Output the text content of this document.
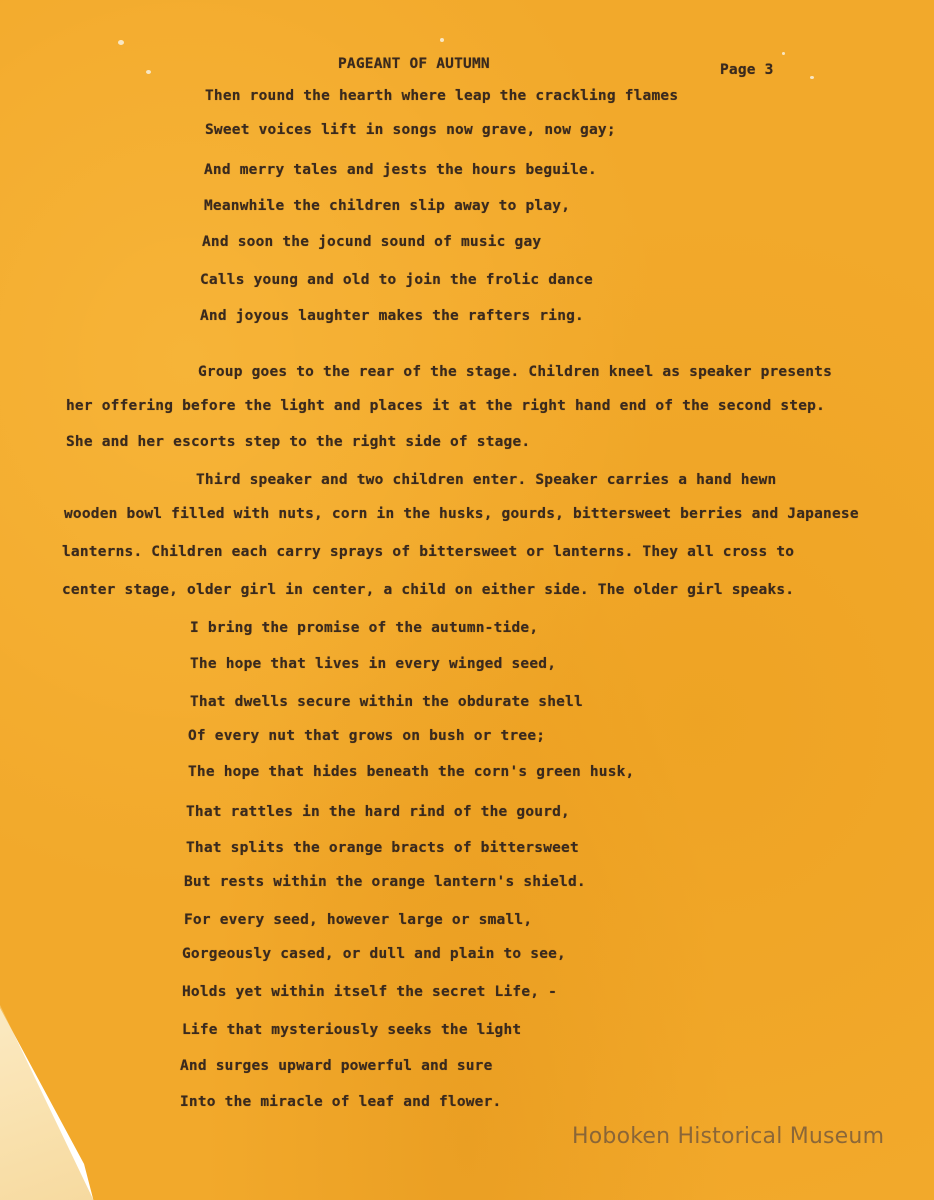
PAGEANT OF AUTUMN	Page 3
Then round the hearth where leap the crackling flames
Sweet voices lift in songs now grave, now gay;
And merry tales and jests the hours beguile.
Meanwhile the children slip away to play,
And soon the jocund sound of music gay
Calls young and old to join the frolic dance
And joyous laughter makes the rafters ring.
Group goes to the rear of the stage. Children kneel as speaker presents
her offering before the light and places it at the right hand end of the second step.
She and her escorts step to the right side of stage.
Third speaker and two children enter. Speaker carries a hand hewn
wooden bowl filled with nuts, corn in the husks, gourds, bittersweet berries and Japanese
lanterns. Children each carry sprays of bittersweet or lanterns. They all cross to
center stage, older girl in center, a child on either side. The older girl speaks.
I bring the promise of the autumn-tide,
The hope that lives in every winged seed,
That dwells secure within the obdurate shell
Of every nut that grows on bush or tree;
The hope that hides beneath the corn's green husk,
That rattles in the hard rind of the gourd,
That splits the orange bracts of bittersweet
But rests within the orange lantern's shield.
For every seed, however large or small,
Gorgeously cased, or dull and plain to see,
Holds yet within itself the secret Life, -
Life that mysteriously seeks the light
And surges upward powerful and sure
Into the miracle of leaf and flower.
Hoboken Historical Museum
